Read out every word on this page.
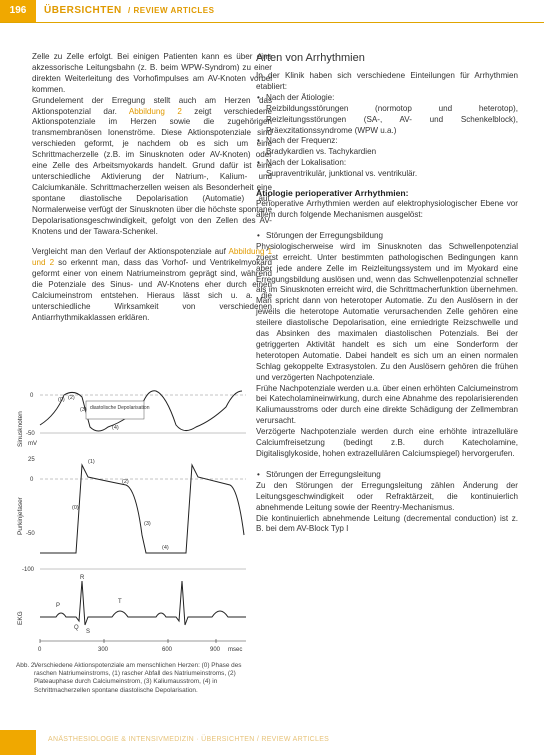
196	ÜBERSICHTEN / REVIEW ARTICLES

Zelle zu Zelle erfolgt. Bei einigen Patienten kann es über eine akzessorische Leitungsbahn (z. B. beim WPW-Syndrom) zu einer direkten Weiterleitung des Vorhofimpulses am AV-Knoten vorbei kommen.

Grundelement der Erregung stellt auch am Herzen das Aktionspotenzial dar. Abbildung 2 zeigt verschiedene Aktionspotenziale im Herzen sowie die zugehörigen transmembranösen Ionenströme. Diese Aktionspotenziale sind verschieden geformt, je nachdem ob es sich um eine Schrittmacherzelle (z.B. im Sinusknoten oder AV-Knoten) oder eine Zelle des Arbeitsmyokards handelt. Grund dafür ist eine unterschiedliche Aktivierung der Natrium-, Kalium- und Calciumkanäle. Schrittmacherzellen weisen als Besonderheit eine spontane diastolische Depolarisation (Automatie) auf. Normalerweise verfügt der Sinusknoten über die höchste spontane Depolarisationsgeschwindigkeit, gefolgt von den Zellen des AV-Knotens und der Tawara-Schenkel.

Vergleicht man den Verlauf der Aktionspotenziale auf Abbildung 1 und 2 so erkennt man, dass das Vorhof- und Ventrikelmyokard geformt einer von einem Natriumeinstrom geprägt sind, während die Potenziale des Sinus- und AV-Knotens eher durch einen Calciumeinstrom entstehen. Hieraus lässt sich u. a. die unterschiedliche Wirksamkeit von verschiedenen Antiarrhythmikaklassen erklären.

Sinusknoten
Purkinjefaser
EKG
0
-50
diastolische Depolarisation
(0) (2)
(3)
(4)
mV
25
0
-50
-100
(1)
(2)
(0)
(3)
(4)
R
P
T
Q
S
0	300	600	900 msec
Abb. 2:
Verschiedene Aktionspotenziale am menschlichen Herzen: (0) Phase des raschen Natriumeinstroms, (1) rascher Abfall des Natriumeinstroms, (2) Plateauphase durch Calciumeinstrom, (3) Kaliumausstrom, (4) in Schrittmacherzellen spontane diastolische Depolarisation.
Arten von Arrhythmien

In der Klinik haben sich verschiedene Einteilungen für Arrhythmien etabliert:

• Nach der Ätiologie:
Reizbildungsstörungen (normotop und heterotop), Reizleitungsstörungen (SA-, AV- und Schenkelblock), Präexzitationssyndrome (WPW u.a.)
• Nach der Frequenz:
Bradykardien vs. Tachykardien
• Nach der Lokalisation:
Supraventrikulär, junktional vs. ventrikulär.
Ätiologie perioperativer Arrhythmien:

Perioperative Arrhythmien werden auf elektrophysiologischer Ebene vor allem durch folgende Mechanismen ausgelöst:

• Störungen der Erregungsbildung

Physiologischerweise wird im Sinusknoten das Schwellenpotenzial zuerst erreicht. Unter bestimmten pathologischen Bedingungen kann aber jede andere Zelle im Reizleitungssystem und im Myokard eine Erregungsbildung auslösen und, wenn das Schwellenpotenzial schneller als im Sinusknoten erreicht wird, die Schrittmacherfunktion übernehmen. Man spricht dann von heterotoper Automatie. Zu den Auslösern in der jeweils die heterotope Automatie verursachenden Zelle gehören eine steilere diastolische Depolarisation, eine erniedrigte Reizschwelle und das Absinken des maximalen diastolischen Potenzials. Bei der getriggerten Aktivität handelt es sich um eine Sonderform der heterotopen Automatie. Dabei handelt es sich um an einen normalen Schlag gekoppelte Extrasystolen. Zu den Auslösern gehören die frühen und verzögerten Nachpotenziale.

Frühe Nachpotenziale werden u.a. über einen erhöhten Calciumeinstrom bei Katecholamineinwirkung, durch eine Abnahme des repolarisierenden Kaliumausstroms oder durch eine direkte Schädigung der Zellmembran verursacht.

Verzögerte Nachpotenziale werden durch eine erhöhte intrazelluläre Calciumfreisetzung (bedingt z.B. durch Katecholamine, Digitalisglykoside, hohen extrazellulären Calciumspiegel) hervorgerufen.

• Störungen der Erregungsleitung

Zu den Störungen der Erregungsleitung zählen Änderung der Leitungsgeschwindigkeit oder Refraktärzeit, die kontinuierlich abnehmende Leitung sowie der Reentry-Mechanismus.

Die kontinuierlich abnehmende Leitung (decremental conduction) ist z. B. bei dem AV-Block Typ I

ANÄSTHESIOLOGIE & INTENSIVMEDIZIN · ÜBERSICHTEN / REVIEW ARTICLES
